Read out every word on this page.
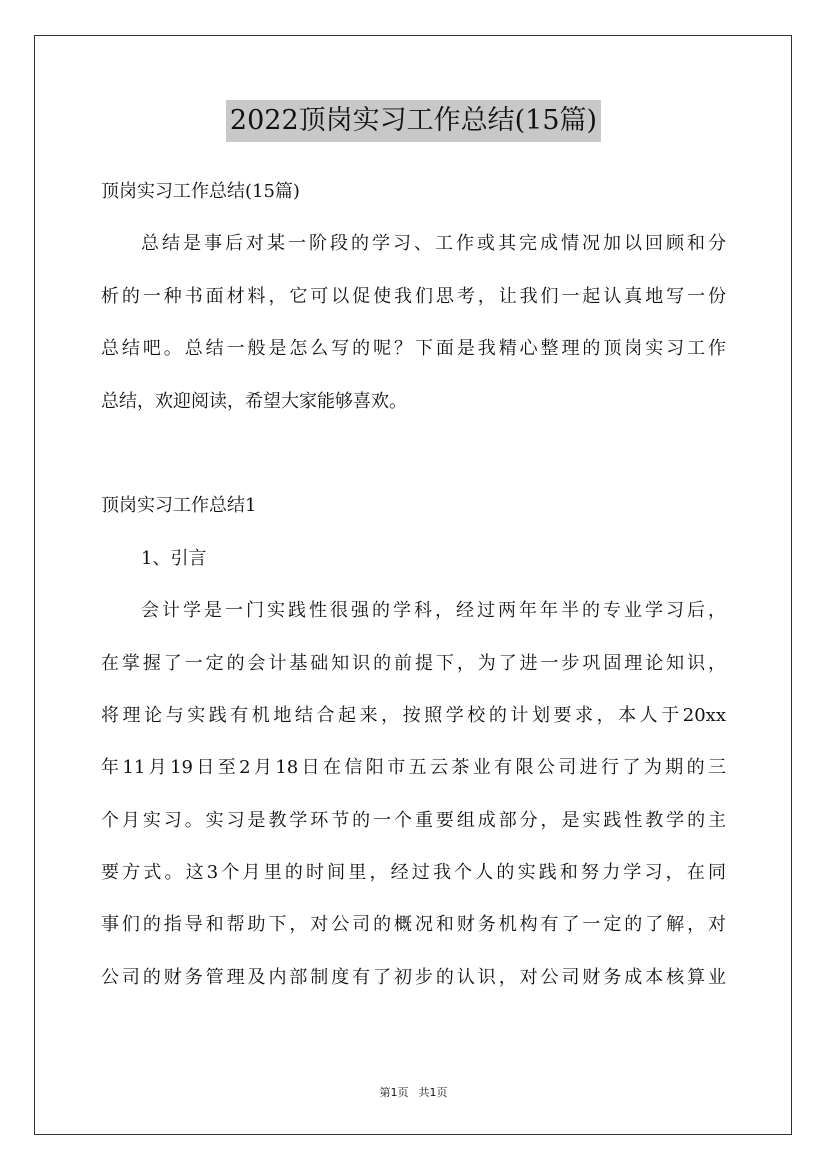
2022顶岗实习工作总结(15篇)
顶岗实习工作总结(15篇)
总结是事后对某一阶段的学习、工作或其完成情况加以回顾和分
析的一种书面材料，它可以促使我们思考，让我们一起认真地写一份
总结吧。总结一般是怎么写的呢？下面是我精心整理的顶岗实习工作
总结，欢迎阅读，希望大家能够喜欢。
顶岗实习工作总结1
1、引言
会计学是一门实践性很强的学科，经过两年年半的专业学习后，
在掌握了一定的会计基础知识的前提下，为了进一步巩固理论知识，
将理论与实践有机地结合起来，按照学校的计划要求，本人于20xx
年11月19日至2月18日在信阳市五云茶业有限公司进行了为期的三
个月实习。实习是教学环节的一个重要组成部分，是实践性教学的主
要方式。这3个月里的时间里，经过我个人的实践和努力学习，在同
事们的指导和帮助下，对公司的概况和财务机构有了一定的了解，对
公司的财务管理及内部制度有了初步的认识，对公司财务成本核算业
第1页 共1页
